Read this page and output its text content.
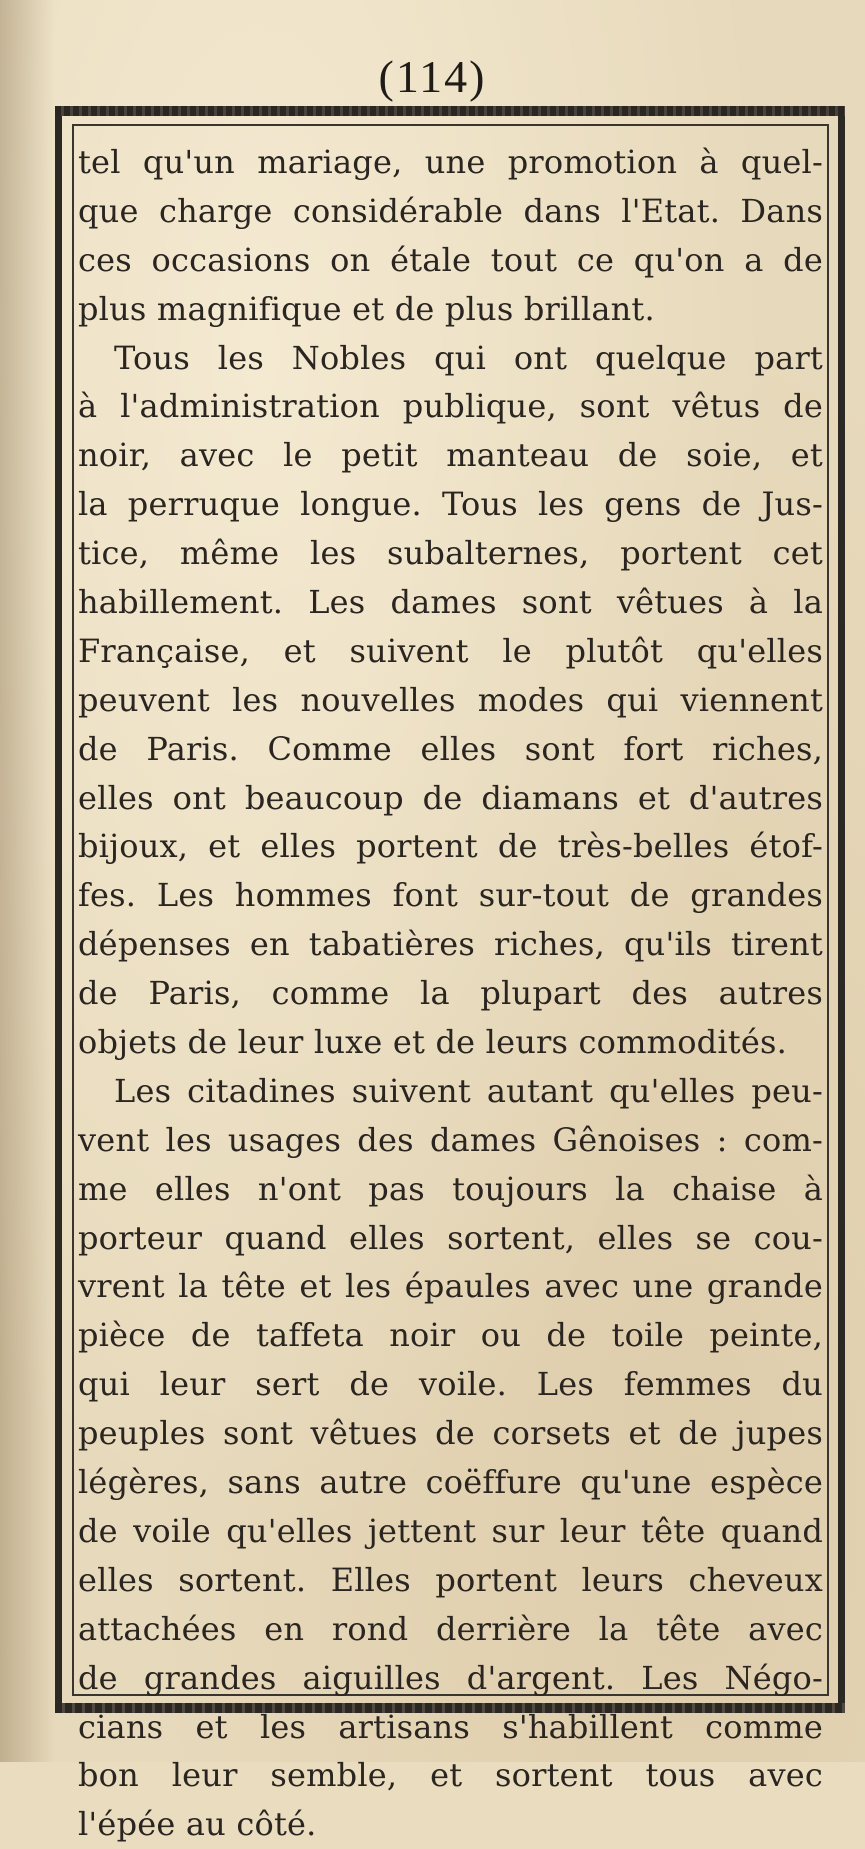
(114)
tel qu'un mariage, une promotion à quel-
que charge considérable dans l'Etat. Dans
ces occasions on étale tout ce qu'on a de
plus magnifique et de plus brillant.
Tous les Nobles qui ont quelque part
à l'administration publique, sont vêtus de
noir, avec le petit manteau de soie, et
la perruque longue. Tous les gens de Jus-
tice, même les subalternes, portent cet
habillement. Les dames sont vêtues à la
Française, et suivent le plutôt qu'elles
peuvent les nouvelles modes qui viennent
de Paris. Comme elles sont fort riches,
elles ont beaucoup de diamans et d'autres
bijoux, et elles portent de très-belles étof-
fes. Les hommes font sur-tout de grandes
dépenses en tabatières riches, qu'ils tirent
de Paris, comme la plupart des autres
objets de leur luxe et de leurs commodités.
Les citadines suivent autant qu'elles peu-
vent les usages des dames Gênoises : com-
me elles n'ont pas toujours la chaise à
porteur quand elles sortent, elles se cou-
vrent la tête et les épaules avec une grande
pièce de taffeta noir ou de toile peinte,
qui leur sert de voile. Les femmes du
peuples sont vêtues de corsets et de jupes
légères, sans autre coëffure qu'une espèce
de voile qu'elles jettent sur leur tête quand
elles sortent. Elles portent leurs cheveux
attachées en rond derrière la tête avec
de grandes aiguilles d'argent. Les Négo-
cians et les artisans s'habillent comme
bon leur semble, et sortent tous avec
l'épée au côté.
